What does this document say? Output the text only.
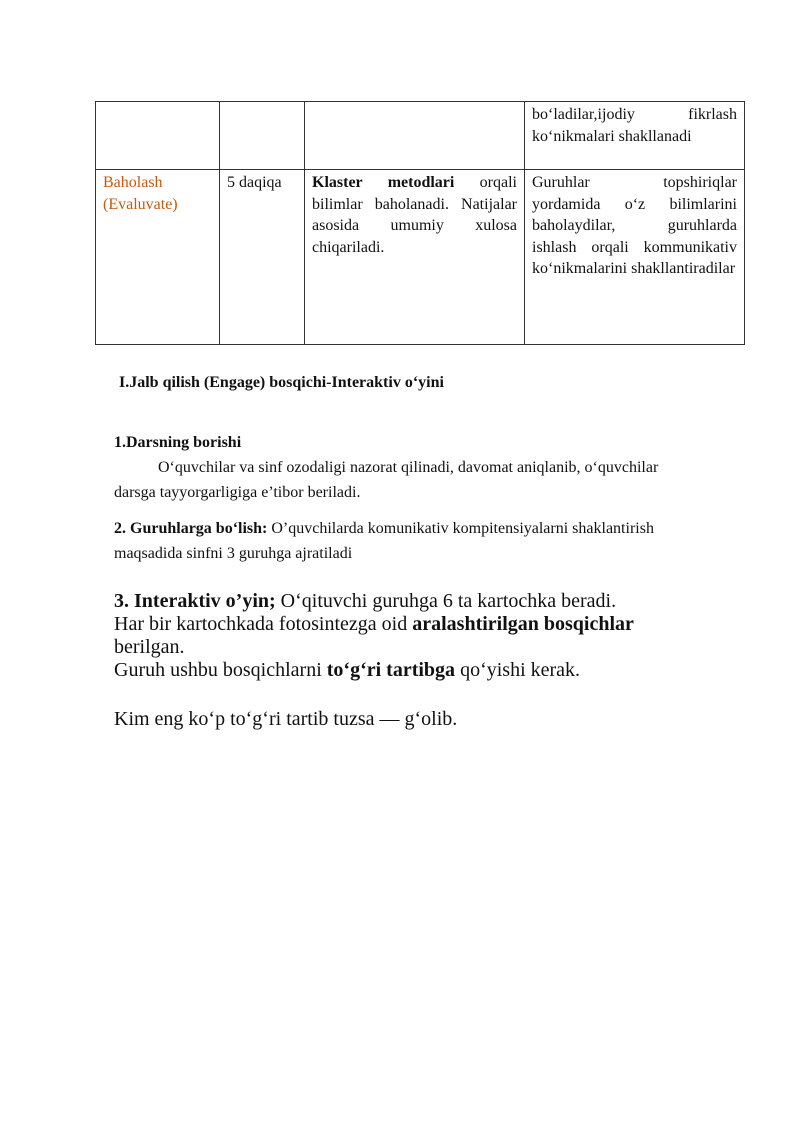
			bo‘ladilar,ijodiy fikrlash
ko‘nikmalari shakllanadi

Baholash
(Evaluvate)	5 daqiqa	Klaster metodlari orqali bilimlar baholanadi. Natijalar asosida umumiy xulosa chiqariladi.	Guruhlar topshiriqlar yordamida o‘z bilimlarini baholaydilar, guruhlarda ishlash orqali kommunikativ ko‘nikmalarini shakllantiradilar
I.Jalb qilish (Engage) bosqichi-Interaktiv o‘yini
1.Darsning borishi
O‘quvchilar va sinf ozodaligi nazorat qilinadi, davomat aniqlanib, o‘quvchilar darsga tayyorgarligiga e’tibor beriladi.
2. Guruhlarga bo‘lish: O’quvchilarda komunikativ kompitensiyalarni shaklantirish maqsadida sinfni 3 guruhga ajratiladi
3. Interaktiv o’yin; O‘qituvchi guruhga 6 ta kartochka beradi.
Har bir kartochkada fotosintezga oid aralashtirilgan bosqichlar
berilgan.
Guruh ushbu bosqichlarni to‘g‘ri tartibga qo‘yishi kerak.
Kim eng ko‘p to‘g‘ri tartib tuzsa — g‘olib.
